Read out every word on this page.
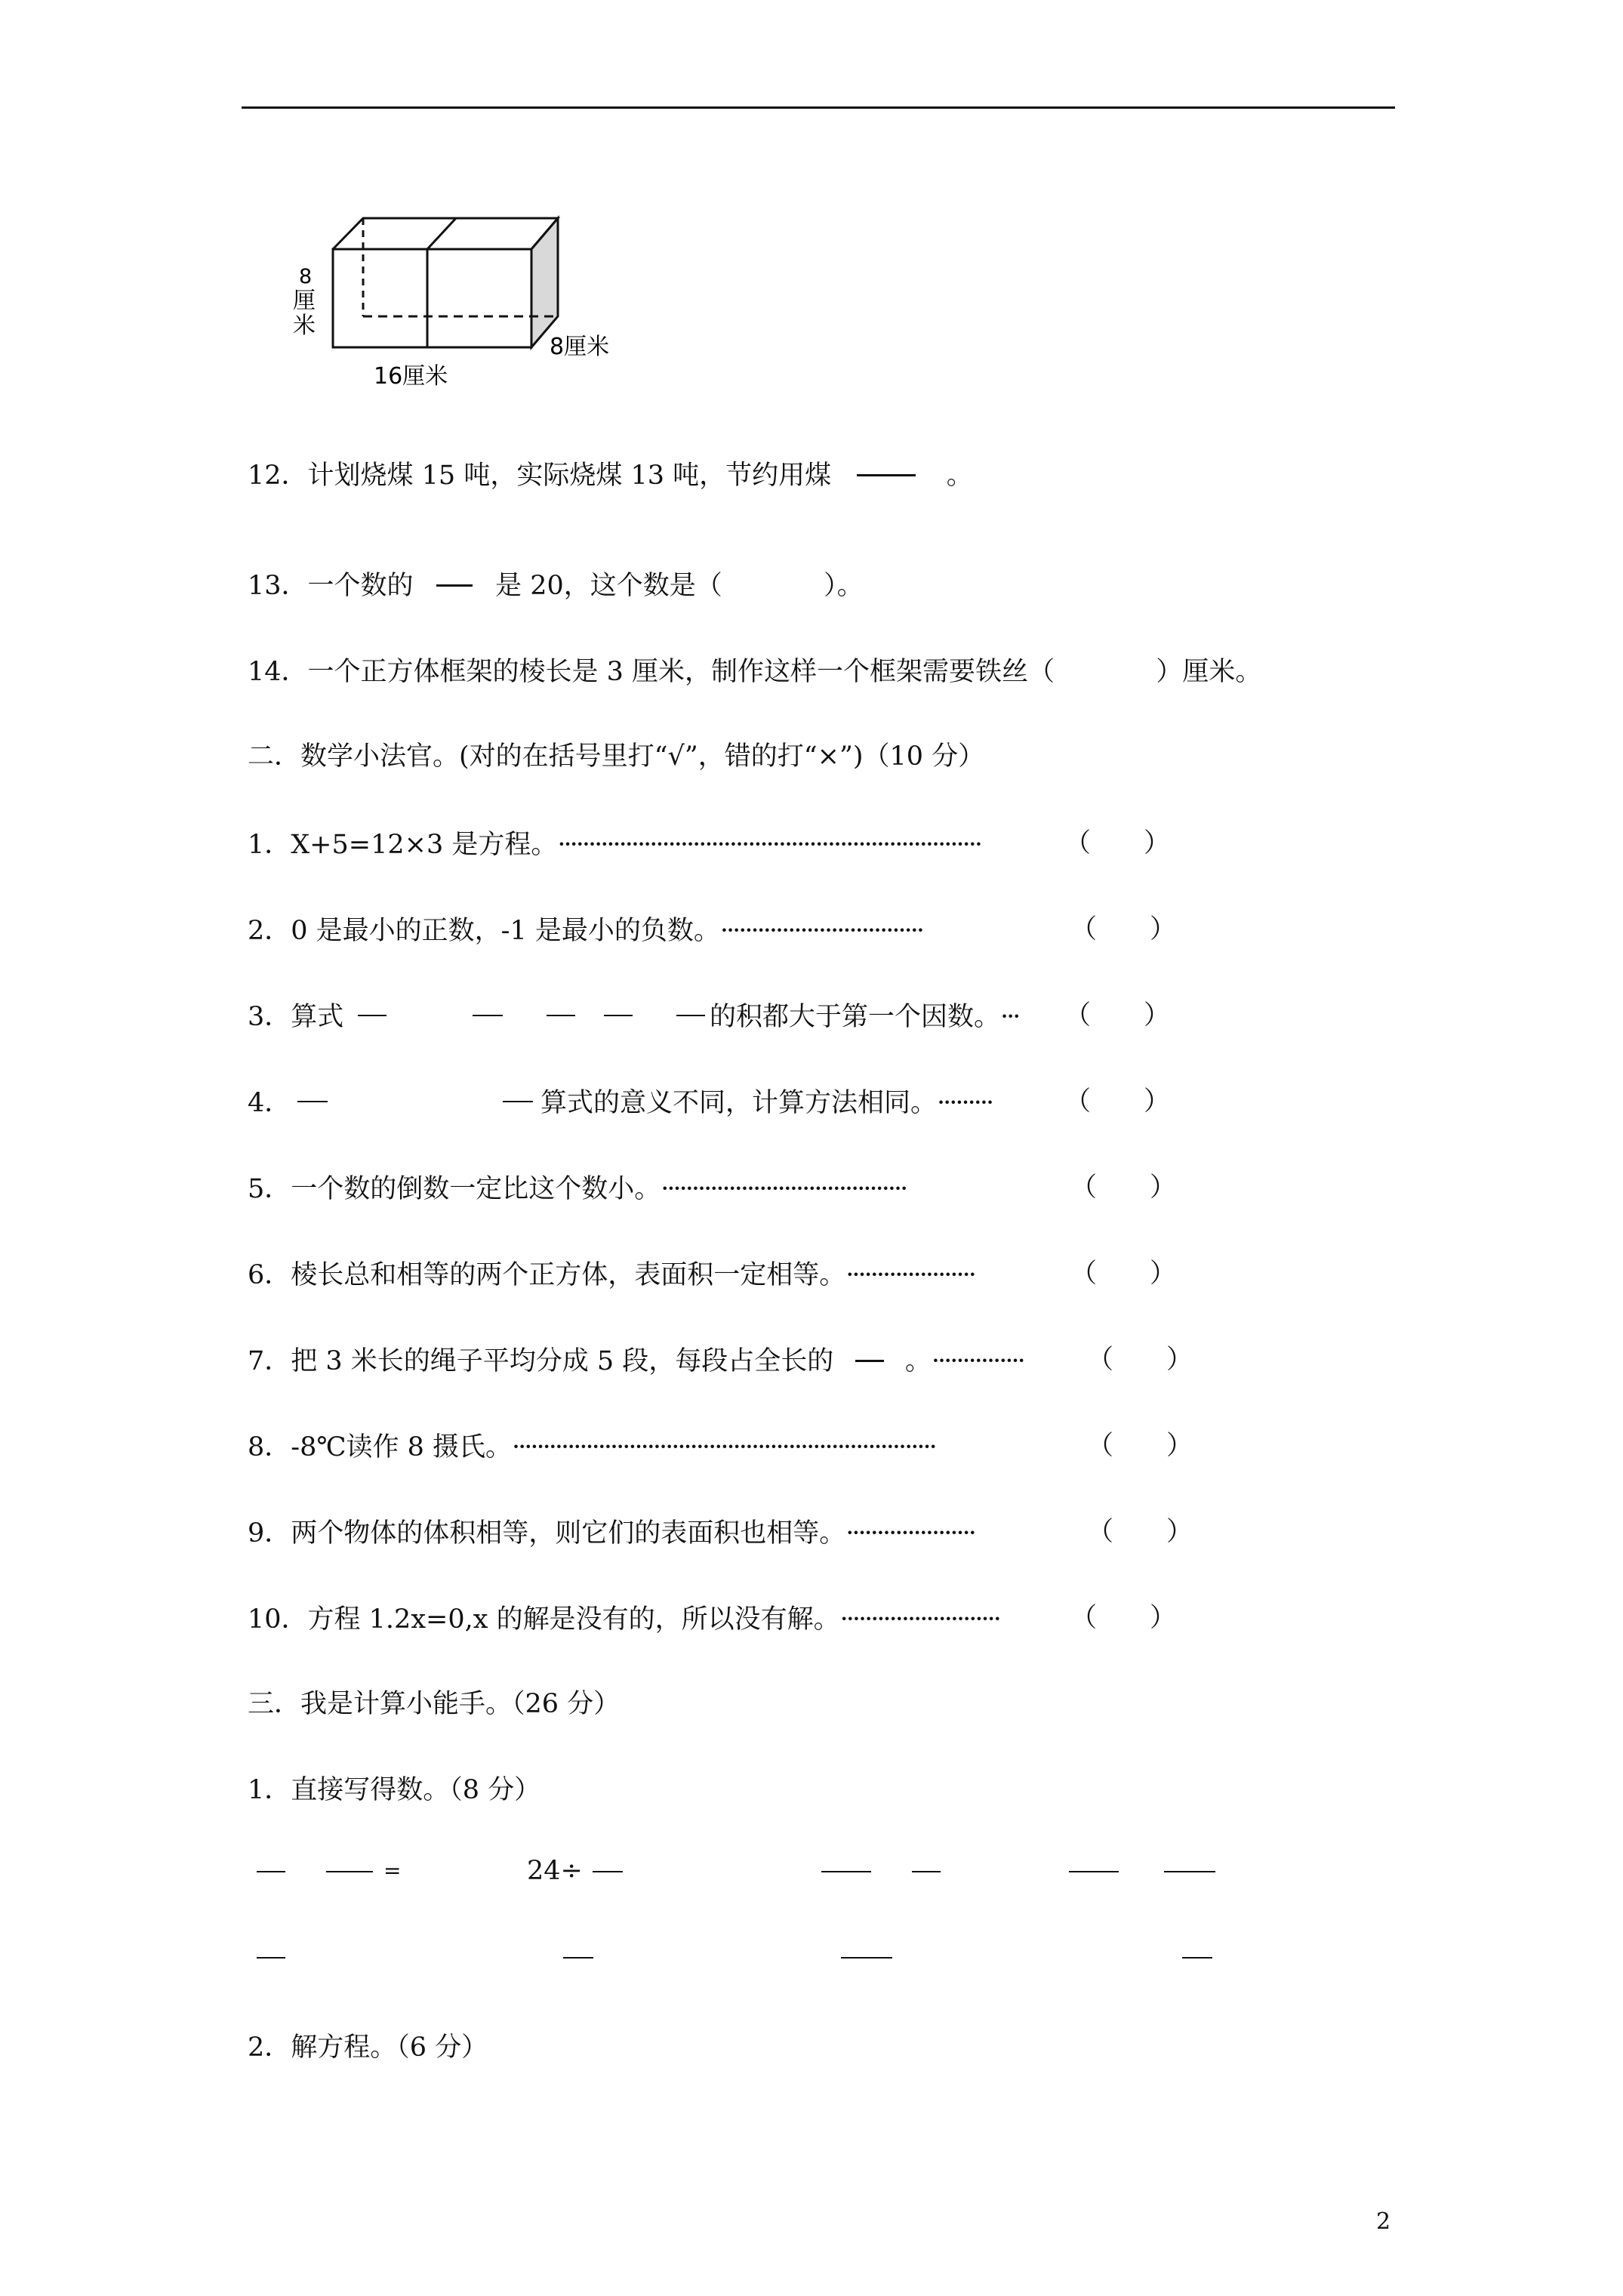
8
厘
米
16厘米
8厘米
12．计划烧煤 15 吨，实际烧煤 13 吨，节约用煤	。
13．一个数的	是 20，这个数是（	）。
14．一个正方体框架的棱长是 3 厘米，制作这样一个框架需要铁丝（	）厘米。
二．数学小法官。(对的在括号里打“√”，错的打“×”)（10 分）
1．X+5=12×3 是方程。·····································································	（　　）
2．0 是最小的正数，-1 是最小的负数。·································	（　　）
3．算式	的积都大于第一个因数。··· （　　）
4．	算式的意义不同，计算方法相同。·········	（　　）
5．一个数的倒数一定比这个数小。········································	（　　）
6．棱长总和相等的两个正方体，表面积一定相等。·····················	（　　）
7．把 3 米长的绳子平均分成 5 段，每段占全长的	。··············· （　　）
8．-8℃读作 8 摄氏。·····································································	（　　）
9．两个物体的体积相等，则它们的表面积也相等。·····················	（　　）
10．方程 1.2x=0,x 的解是没有的，所以没有解。··························	（　　）
三．我是计算小能手。（26 分）
1．直接写得数。（8 分）
=	24÷
2．解方程。（6 分）
2
